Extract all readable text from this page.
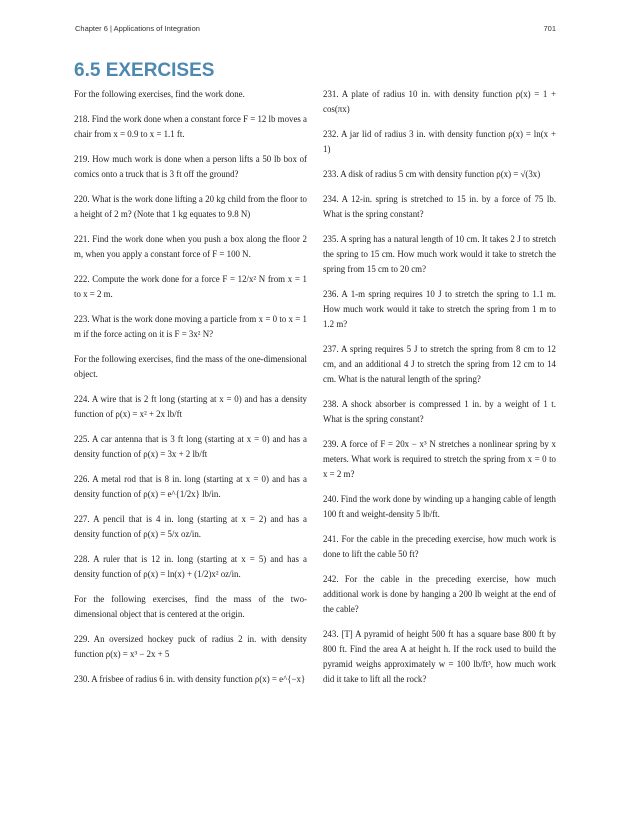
Chapter 6 | Applications of Integration	701
6.5 EXERCISES

For the following exercises, find the work done.

218. Find the work done when a constant force F = 12 lb moves a chair from x = 0.9 to x = 1.1 ft.

219. How much work is done when a person lifts a 50 lb box of comics onto a truck that is 3 ft off the ground?

220. What is the work done lifting a 20 kg child from the floor to a height of 2 m? (Note that 1 kg equates to 9.8 N)

221. Find the work done when you push a box along the floor 2 m, when you apply a constant force of F = 100 N.

222. Compute the work done for a force F = 12/x² N from x = 1 to x = 2 m.

223. What is the work done moving a particle from x = 0 to x = 1 m if the force acting on it is F = 3x² N?

For the following exercises, find the mass of the one-dimensional object.

224. A wire that is 2 ft long (starting at x = 0) and has a density function of ρ(x) = x² + 2x lb/ft

225. A car antenna that is 3 ft long (starting at x = 0) and has a density function of ρ(x) = 3x + 2 lb/ft

226. A metal rod that is 8 in. long (starting at x = 0) and has a density function of ρ(x) = e^{1/2x} lb/in.

227. A pencil that is 4 in. long (starting at x = 2) and has a density function of ρ(x) = 5/x oz/in.

228. A ruler that is 12 in. long (starting at x = 5) and has a density function of ρ(x) = ln(x) + (1/2)x² oz/in.

For the following exercises, find the mass of the two-dimensional object that is centered at the origin.

229. An oversized hockey puck of radius 2 in. with density function ρ(x) = x³ − 2x + 5

230. A frisbee of radius 6 in. with density function ρ(x) = e^{−x}

231. A plate of radius 10 in. with density function ρ(x) = 1 + cos(πx)

232. A jar lid of radius 3 in. with density function ρ(x) = ln(x + 1)

233. A disk of radius 5 cm with density function ρ(x) = √(3x)

234. A 12-in. spring is stretched to 15 in. by a force of 75 lb. What is the spring constant?

235. A spring has a natural length of 10 cm. It takes 2 J to stretch the spring to 15 cm. How much work would it take to stretch the spring from 15 cm to 20 cm?

236. A 1-m spring requires 10 J to stretch the spring to 1.1 m. How much work would it take to stretch the spring from 1 m to 1.2 m?

237. A spring requires 5 J to stretch the spring from 8 cm to 12 cm, and an additional 4 J to stretch the spring from 12 cm to 14 cm. What is the natural length of the spring?

238. A shock absorber is compressed 1 in. by a weight of 1 t. What is the spring constant?

239. A force of F = 20x − x³ N stretches a nonlinear spring by x meters. What work is required to stretch the spring from x = 0 to x = 2 m?

240. Find the work done by winding up a hanging cable of length 100 ft and weight-density 5 lb/ft.

241. For the cable in the preceding exercise, how much work is done to lift the cable 50 ft?

242. For the cable in the preceding exercise, how much additional work is done by hanging a 200 lb weight at the end of the cable?

243. [T] A pyramid of height 500 ft has a square base 800 ft by 800 ft. Find the area A at height h. If the rock used to build the pyramid weighs approximately w = 100 lb/ft³, how much work did it take to lift all the rock?
